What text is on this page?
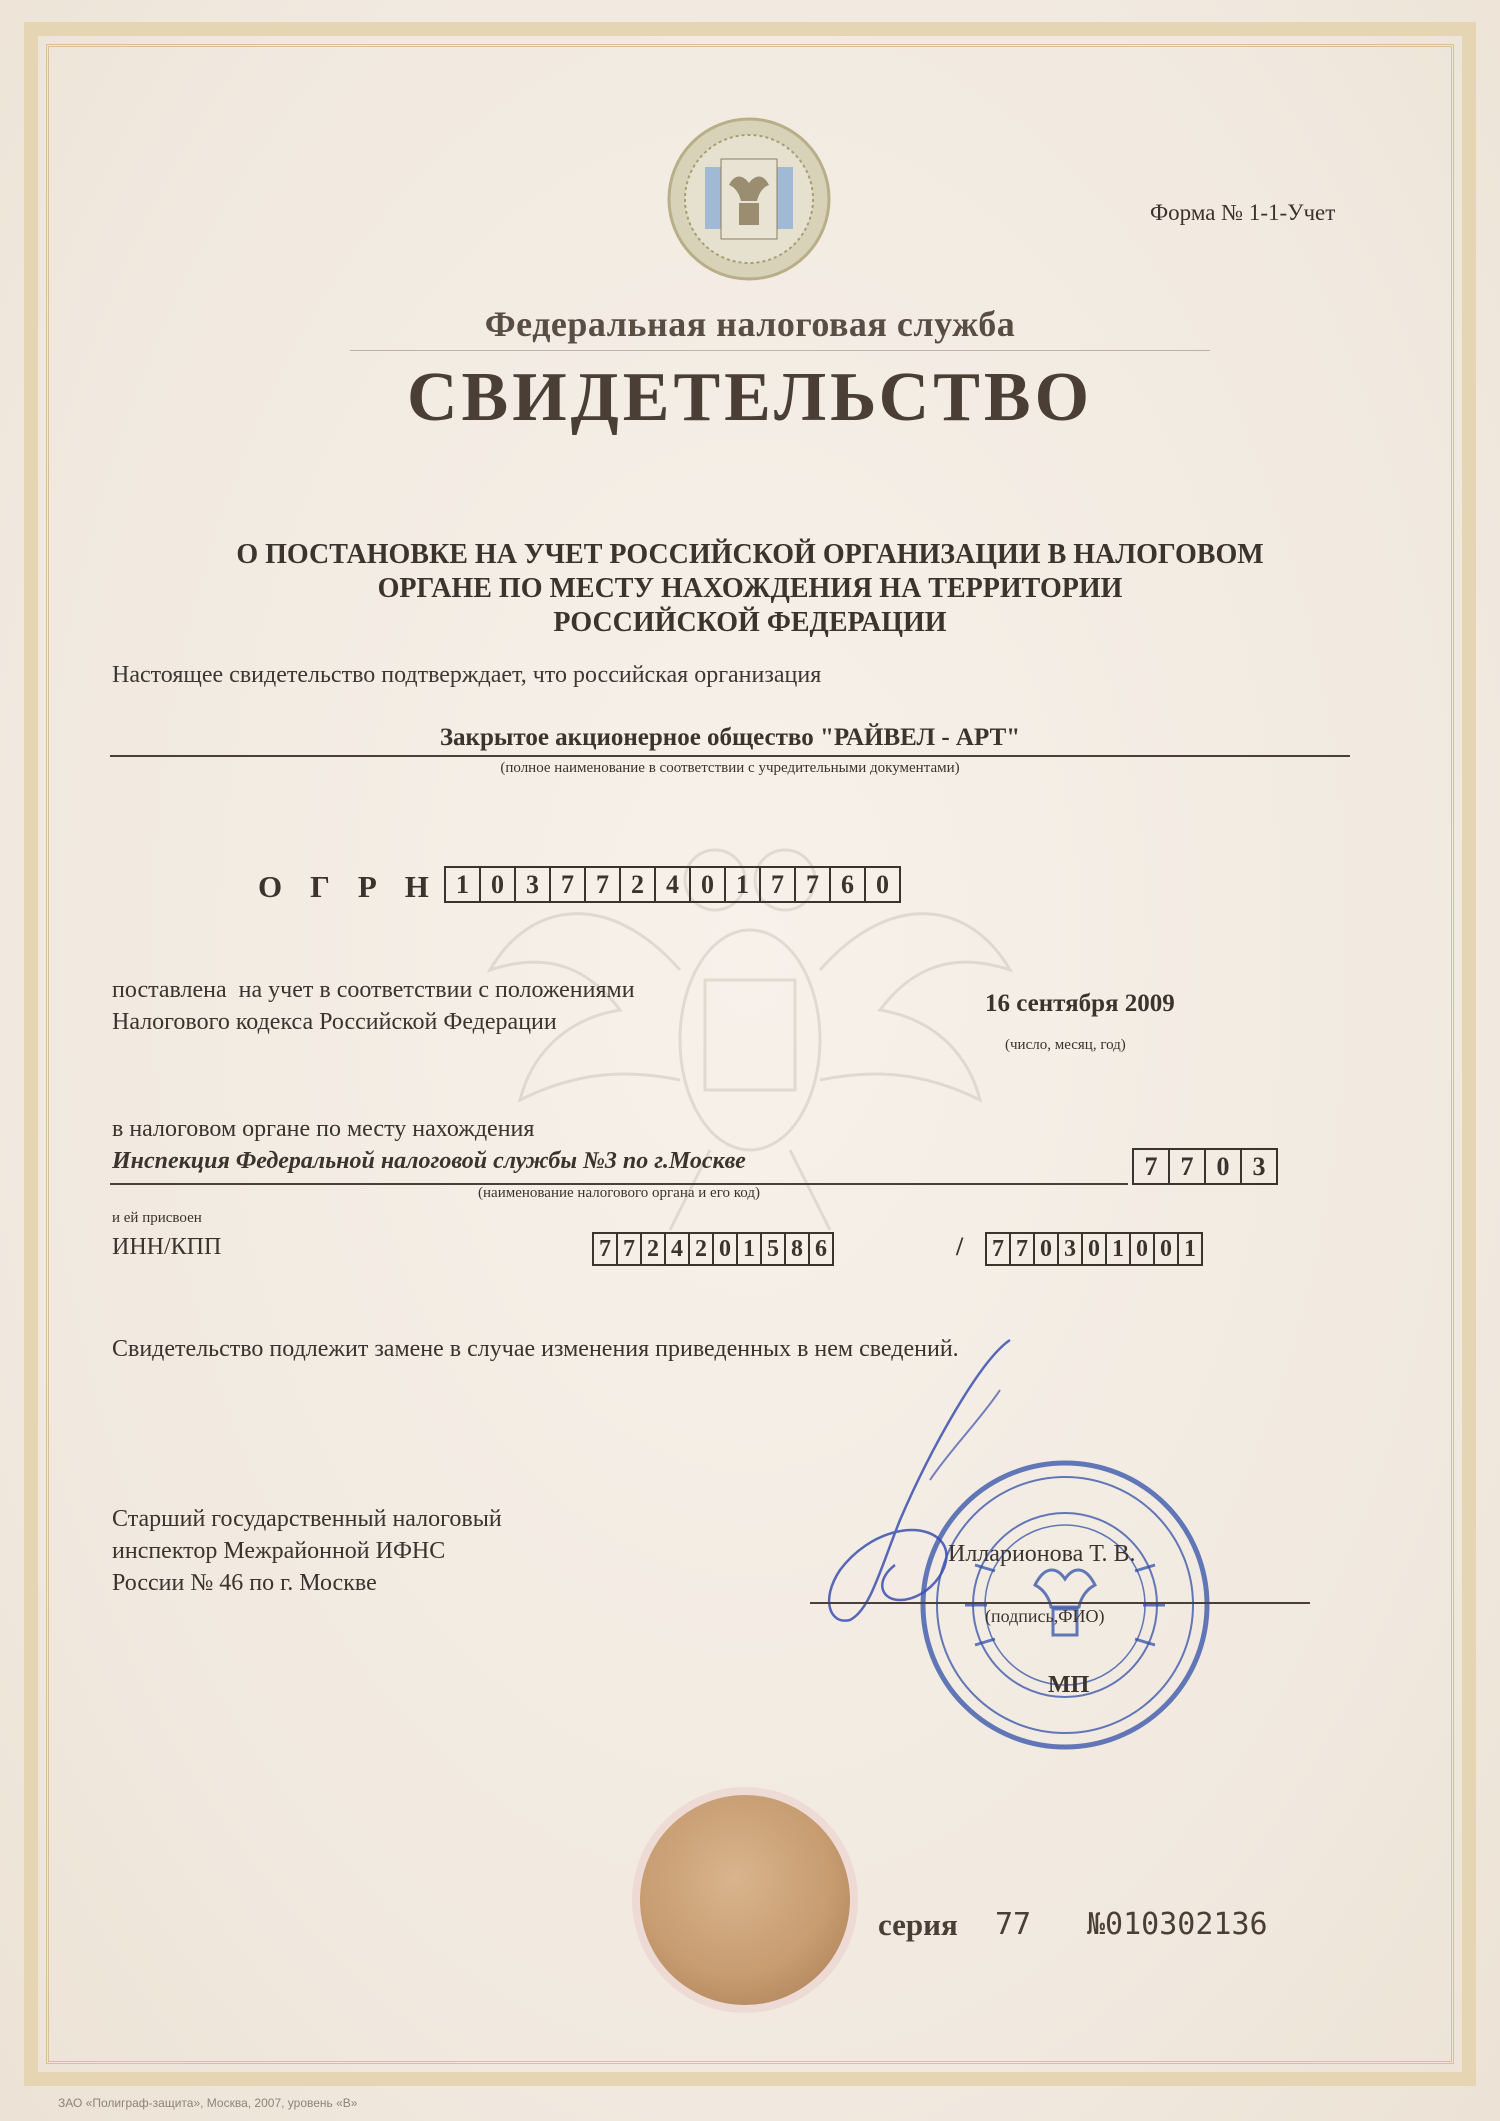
Форма № 1-1-Учет
Федеральная налоговая служба
СВИДЕТЕЛЬСТВО
О ПОСТАНОВКЕ НА УЧЕТ РОССИЙСКОЙ ОРГАНИЗАЦИИ В НАЛОГОВОМ
ОРГАНЕ ПО МЕСТУ НАХОЖДЕНИЯ НА ТЕРРИТОРИИ
РОССИЙСКОЙ ФЕДЕРАЦИИ
Настоящее свидетельство подтверждает, что российская организация
Закрытое акционерное общество "РАЙВЕЛ - АРТ"
(полное наименование в соответствии с учредительными документами)
ОГРН 1 0 3 7 7 2 4 0 1 7 7 6 0
поставлена  на учет в соответствии с положениями
Налогового кодекса Российской Федерации
16 сентября 2009
(число, месяц, год)
в налоговом органе по месту нахождения
Инспекция Федеральной налоговой службы №3 по г.Москве
(наименование налогового органа и его код)
7 7 0 3
и ей присвоен
ИНН/КПП	7 7 2 4 2 0 1 5 8 6	/ 7 7 0 3 0 1 0 0 1
Свидетельство подлежит замене в случае изменения приведенных в нем сведений.
Старший государственный налоговый
инспектор Межрайонной ИФНС
России № 46 по г. Москве
Илларионова Т. В.
(подпись,ФИО)
МП
серия 77 №010302136
ЗАО «Полиграф-защита», Москва, 2007, уровень «В»
